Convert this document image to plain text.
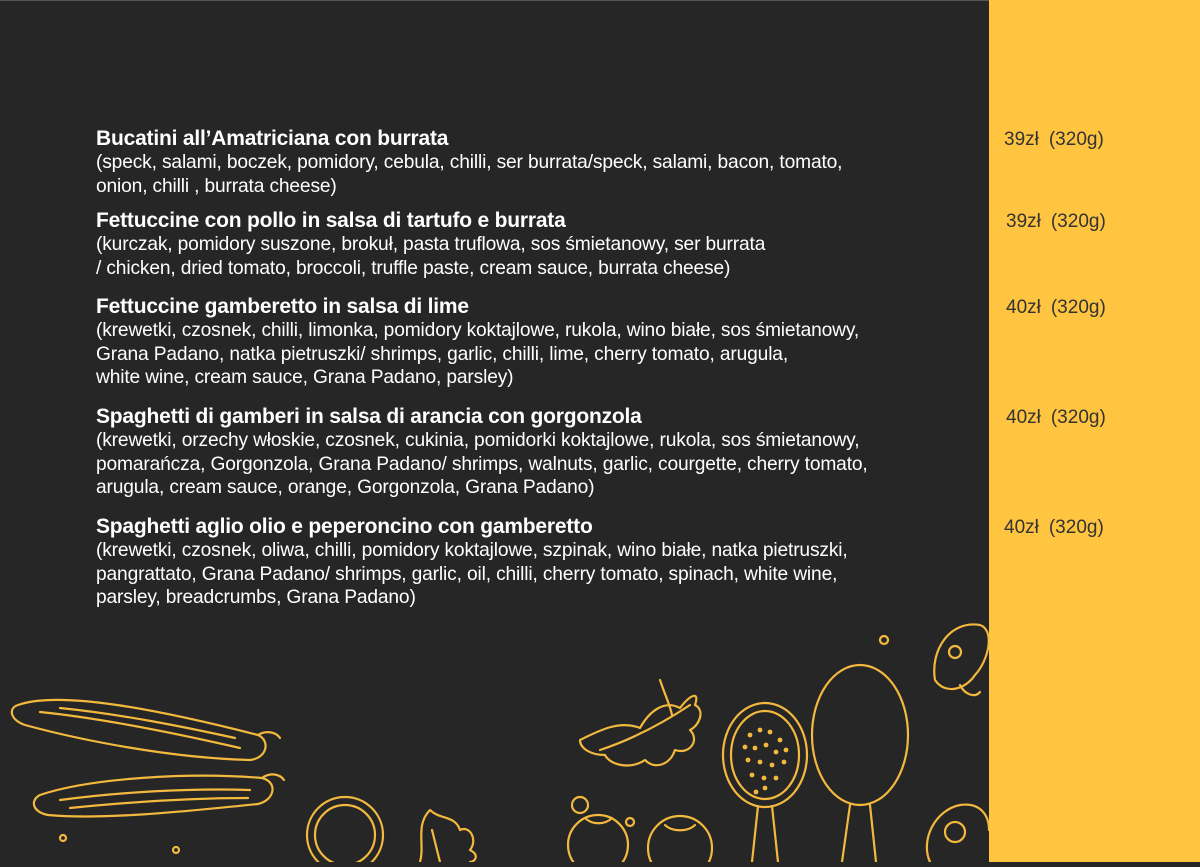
Bucatini all’Amatriciana con burrata

(speck, salami, boczek, pomidory, cebula, chilli, ser burrata/speck, salami, bacon, tomato,
onion, chilli , burrata cheese)

39zł (320g)

Fettuccine con pollo in salsa di tartufo e burrata

(kurczak, pomidory suszone, brokuł, pasta truflowa, sos śmietanowy, ser burrata
/ chicken, dried tomato, broccoli, truffle paste, cream sauce, burrata cheese)

39zł (320g)

Fettuccine gamberetto in salsa di lime

(krewetki, czosnek, chilli, limonka, pomidory koktajlowe, rukola, wino białe, sos śmietanowy,
Grana Padano, natka pietruszki/ shrimps, garlic, chilli, lime, cherry tomato, arugula,
white wine, cream sauce, Grana Padano, parsley)

40zł (320g)

Spaghetti di gamberi in salsa di arancia con gorgonzola

(krewetki, orzechy włoskie, czosnek, cukinia, pomidorki koktajlowe, rukola, sos śmietanowy,
pomarańcza, Gorgonzola, Grana Padano/ shrimps, walnuts, garlic, courgette, cherry tomato,
arugula, cream sauce, orange, Gorgonzola, Grana Padano)

40zł (320g)

Spaghetti aglio olio e peperoncino con gamberetto

(krewetki, czosnek, oliwa, chilli, pomidory koktajlowe, szpinak, wino białe, natka pietruszki,
pangrattato, Grana Padano/ shrimps, garlic, oil, chilli, cherry tomato, spinach, white wine,
parsley, breadcrumbs, Grana Padano)

40zł (320g)
